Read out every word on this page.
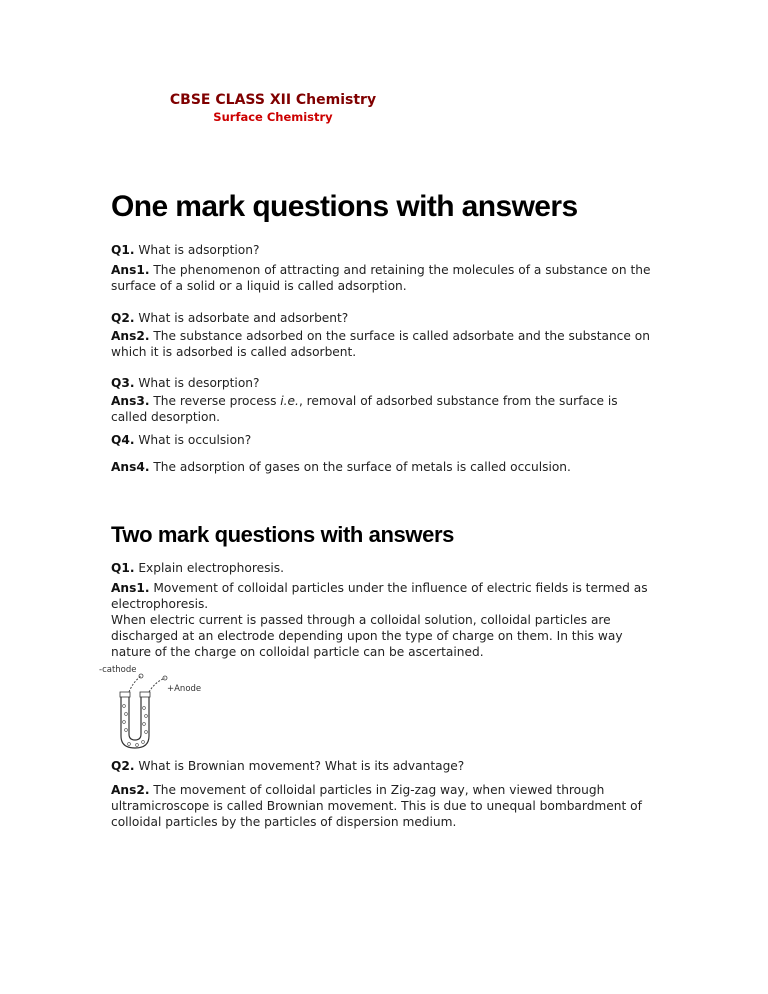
CBSE CLASS XII Chemistry
Surface Chemistry
One mark questions with answers

Q1. What is adsorption?

Ans1. The phenomenon of attracting and retaining the molecules of a substance on the surface of a solid or a liquid is called adsorption.

Q2. What is adsorbate and adsorbent?

Ans2. The substance adsorbed on the surface is called adsorbate and the substance on which it is adsorbed is called adsorbent.

Q3. What is desorption?

Ans3. The reverse process i.e., removal of adsorbed substance from the surface is called desorption.

Q4. What is occulsion?

Ans4. The adsorption of gases on the surface of metals is called occulsion.

Two mark questions with answers

Q1. Explain electrophoresis.

Ans1. Movement of colloidal particles under the influence of electric fields is termed as electrophoresis.
When electric current is passed through a colloidal solution, colloidal particles are discharged at an electrode depending upon the type of charge on them. In this way nature of the charge on colloidal particle can be ascertained.

-cathode
+Anode

Q2. What is Brownian movement? What is its advantage?

Ans2. The movement of colloidal particles in Zig-zag way, when viewed through ultramicroscope is called Brownian movement. This is due to unequal bombardment of colloidal particles by the particles of dispersion medium.
